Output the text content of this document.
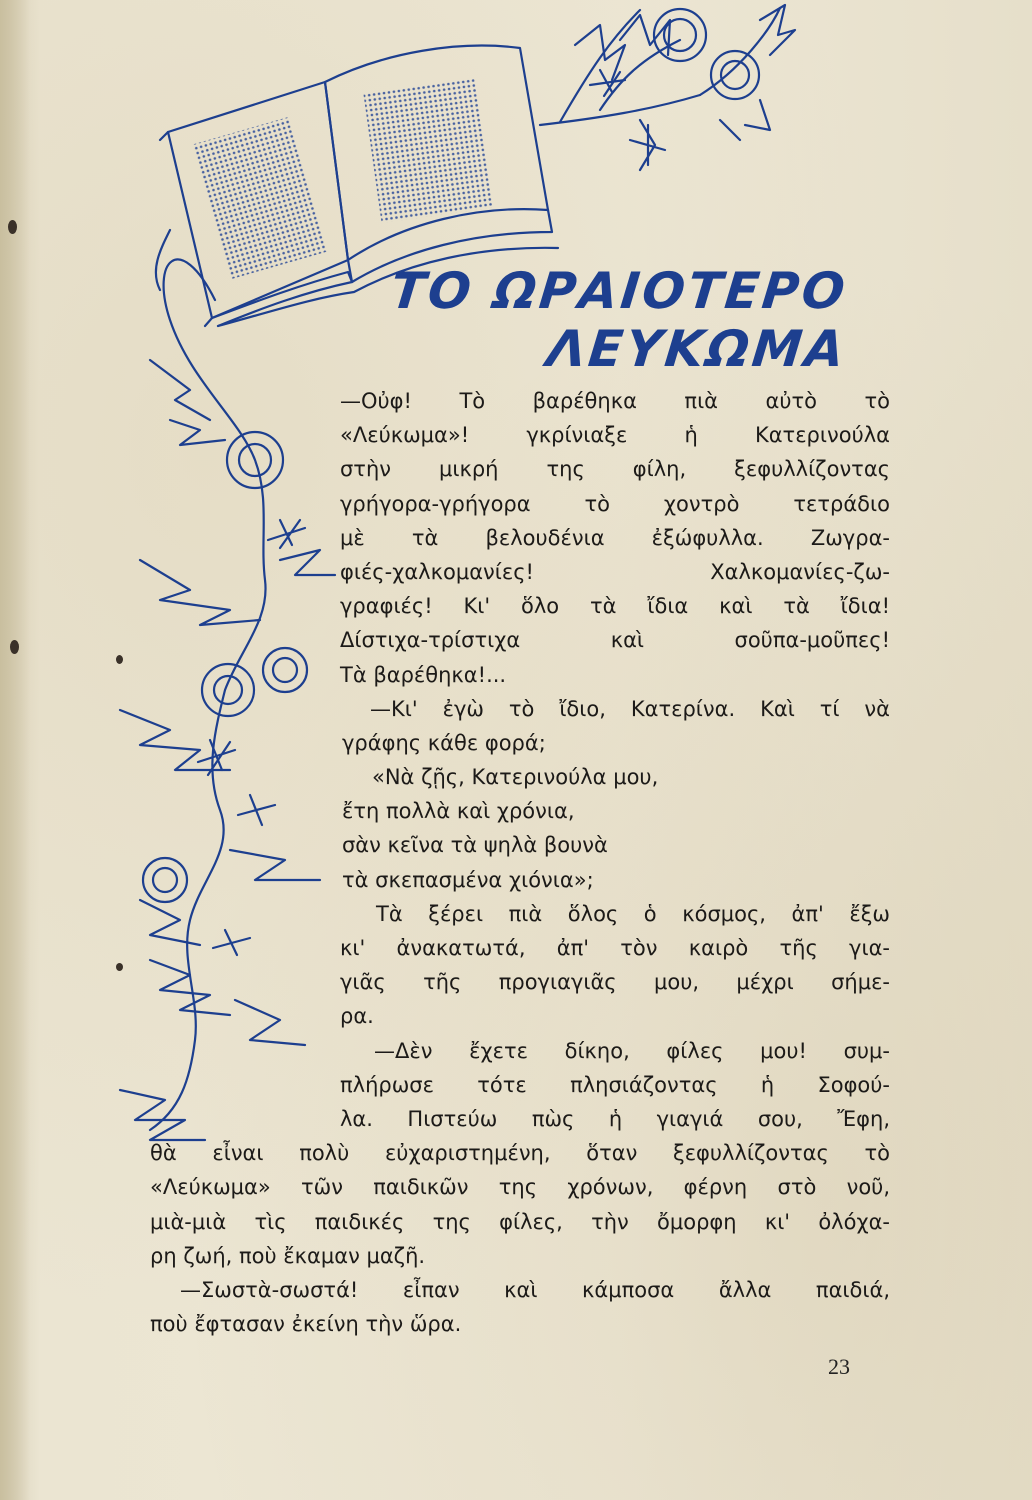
ΤΟ ΩΡΑΙΟΤΕΡΟ
ΛΕΥΚΩΜΑ
—Οὐφ! Τὸ βαρέθηκα πιὰ αὐτὸ τὸ
«Λεύκωμα»! γκρίνιαξε ἡ Κατερινούλα
στὴν μικρή της φίλη, ξεφυλλίζοντας
γρήγορα-γρήγορα τὸ χοντρὸ τετράδιο
μὲ τὰ βελουδένια ἐξώφυλλα. Ζωγρα-
φιές-χαλκομανίες! Χαλκομανίες-ζω-
γραφιές! Κι' ὅλο τὰ ἴδια καὶ τὰ ἴδια!
Δίστιχα-τρίστιχα καὶ σοῦπα-μοῦπες!
Τὰ βαρέθηκα!...
—Κι' ἐγὼ τὸ ἴδιο, Κατερίνα. Καὶ τί νὰ
γράφης κάθε φορά;
«Νὰ ζῇς, Κατερινούλα μου,
ἔτη πολλὰ καὶ χρόνια,
σὰν κεῖνα τὰ ψηλὰ βουνὰ
τὰ σκεπασμένα χιόνια»;
Τὰ ξέρει πιὰ ὅλος ὁ κόσμος, ἀπ' ἔξω
κι' ἀνακατωτά, ἀπ' τὸν καιρὸ τῆς για-
γιᾶς τῆς προγιαγιᾶς μου, μέχρι σήμε-
ρα.
—Δὲν ἔχετε δίκηο, φίλες μου! συμ-
πλήρωσε τότε πλησιάζοντας ἡ Σοφού-
λα. Πιστεύω πὼς ἡ γιαγιά σου, Ἔφη,
θὰ εἶναι πολὺ εὐχαριστημένη, ὅταν ξεφυλλίζοντας τὸ
«Λεύκωμα» τῶν παιδικῶν της χρόνων, φέρνη στὸ νοῦ,
μιὰ-μιὰ τὶς παιδικές της φίλες, τὴν ὄμορφη κι' ὀλόχα-
ρη ζωή, ποὺ ἔκαμαν μαζῆ.
—Σωστὰ-σωστά! εἶπαν καὶ κάμποσα ἄλλα παιδιά,
ποὺ ἔφτασαν ἐκείνη τὴν ὥρα.
23
